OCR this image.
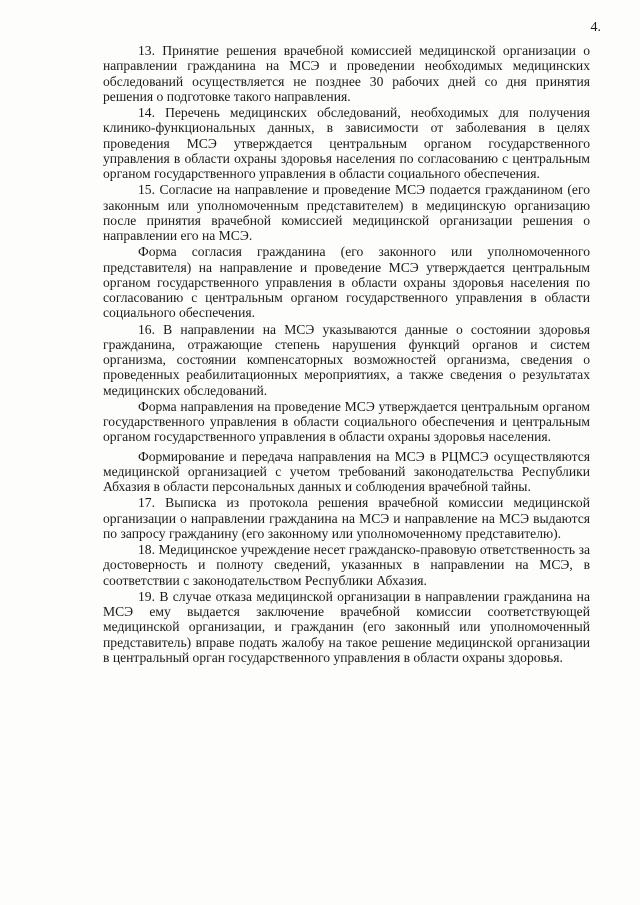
4.

13. Принятие решения врачебной комиссией медицинской организации о направлении гражданина на МСЭ и проведении необходимых медицинских обследований осуществляется не позднее 30 рабочих дней со дня принятия решения о подготовке такого направления.

14. Перечень медицинских обследований, необходимых для получения клинико-функциональных данных, в зависимости от заболевания в целях проведения МСЭ утверждается центральным органом государственного управления в области охраны здоровья населения по согласованию с центральным органом государственного управления в области социального обеспечения.

15. Согласие на направление и проведение МСЭ подается гражданином (его законным или уполномоченным представителем) в медицинскую организацию после принятия врачебной комиссией медицинской организации решения о направлении его на МСЭ.

Форма согласия гражданина (его законного или уполномоченного представителя) на направление и проведение МСЭ утверждается центральным органом государственного управления в области охраны здоровья населения по согласованию с центральным органом государственного управления в области социального обеспечения.

16. В направлении на МСЭ указываются данные о состоянии здоровья гражданина, отражающие степень нарушения функций органов и систем организма, состоянии компенсаторных возможностей организма, сведения о проведенных реабилитационных мероприятиях, а также сведения о результатах медицинских обследований.

Форма направления на проведение МСЭ утверждается центральным органом государственного управления в области социального обеспечения и центральным органом государственного управления в области охраны здоровья населения.

Формирование и передача направления на МСЭ в РЦМСЭ осуществляются медицинской организацией с учетом требований законодательства Республики Абхазия в области персональных данных и соблюдения врачебной тайны.

17. Выписка из протокола решения врачебной комиссии медицинской организации о направлении гражданина на МСЭ и направление на МСЭ выдаются по запросу гражданину (его законному или уполномоченному представителю).

18. Медицинское учреждение несет гражданско-правовую ответственность за достоверность и полноту сведений, указанных в направлении на МСЭ, в соответствии с законодательством Республики Абхазия.

19. В случае отказа медицинской организации в направлении гражданина на МСЭ ему выдается заключение врачебной комиссии соответствующей медицинской организации, и гражданин (его законный или уполномоченный представитель) вправе подать жалобу на такое решение медицинской организации в центральный орган государственного управления в области охраны здоровья.
